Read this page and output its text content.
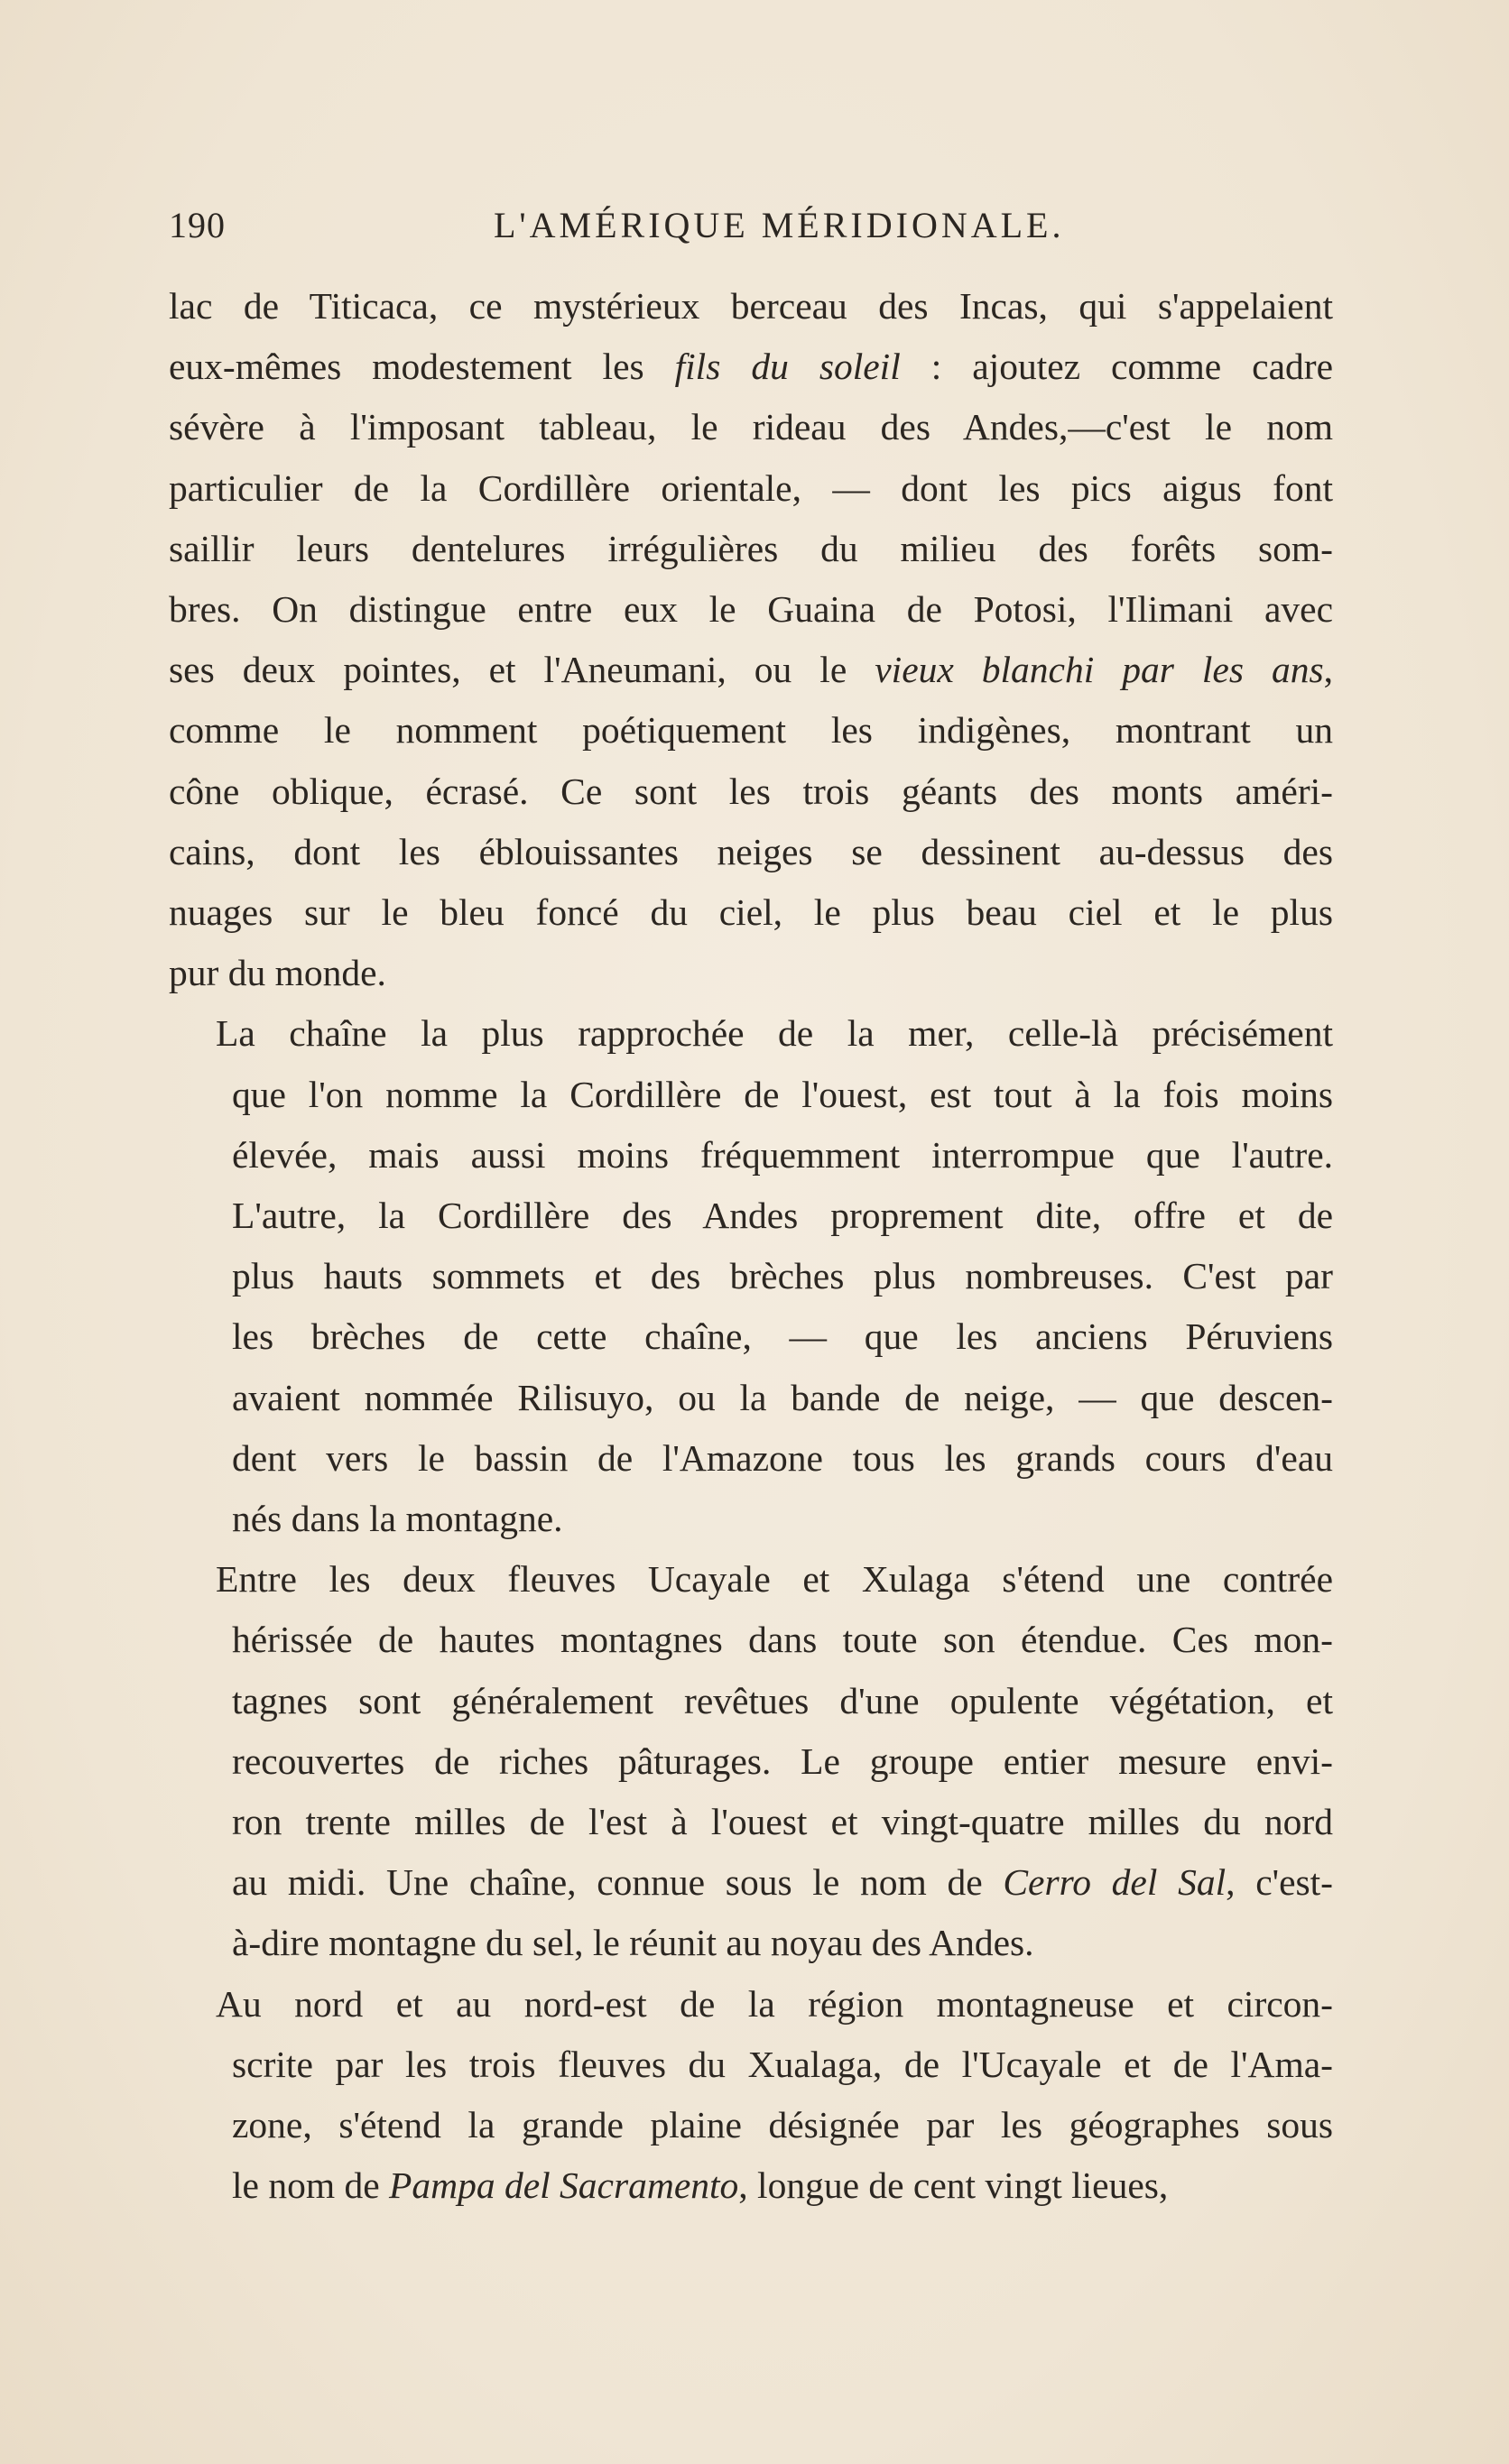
190	L'AMÉRIQUE MÉRIDIONALE.

lac de Titicaca, ce mystérieux berceau des Incas, qui s'appelaient
eux-mêmes modestement les fils du soleil : ajoutez comme cadre
sévère à l'imposant tableau, le rideau des Andes,—c'est le nom
particulier de la Cordillère orientale, — dont les pics aigus font
saillir leurs dentelures irrégulières du milieu des forêts som-
bres. On distingue entre eux le Guaina de Potosi, l'Ilimani avec
ses deux pointes, et l'Aneumani, ou le vieux blanchi par les ans,
comme le nomment poétiquement les indigènes, montrant un
cône oblique, écrasé. Ce sont les trois géants des monts améri-
cains, dont les éblouissantes neiges se dessinent au-dessus des
nuages sur le bleu foncé du ciel, le plus beau ciel et le plus
pur du monde.

La chaîne la plus rapprochée de la mer, celle-là précisément
que l'on nomme la Cordillère de l'ouest, est tout à la fois moins
élevée, mais aussi moins fréquemment interrompue que l'autre.
L'autre, la Cordillère des Andes proprement dite, offre et de
plus hauts sommets et des brèches plus nombreuses. C'est par
les brèches de cette chaîne, — que les anciens Péruviens
avaient nommée Rilisuyo, ou la bande de neige, — que descen-
dent vers le bassin de l'Amazone tous les grands cours d'eau
nés dans la montagne.

Entre les deux fleuves Ucayale et Xulaga s'étend une contrée
hérissée de hautes montagnes dans toute son étendue. Ces mon-
tagnes sont généralement revêtues d'une opulente végétation, et
recouvertes de riches pâturages. Le groupe entier mesure envi-
ron trente milles de l'est à l'ouest et vingt-quatre milles du nord
au midi. Une chaîne, connue sous le nom de Cerro del Sal, c'est-
à-dire montagne du sel, le réunit au noyau des Andes.

Au nord et au nord-est de la région montagneuse et circon-
scrite par les trois fleuves du Xualaga, de l'Ucayale et de l'Ama-
zone, s'étend la grande plaine désignée par les géographes sous
le nom de Pampa del Sacramento, longue de cent vingt lieues,
